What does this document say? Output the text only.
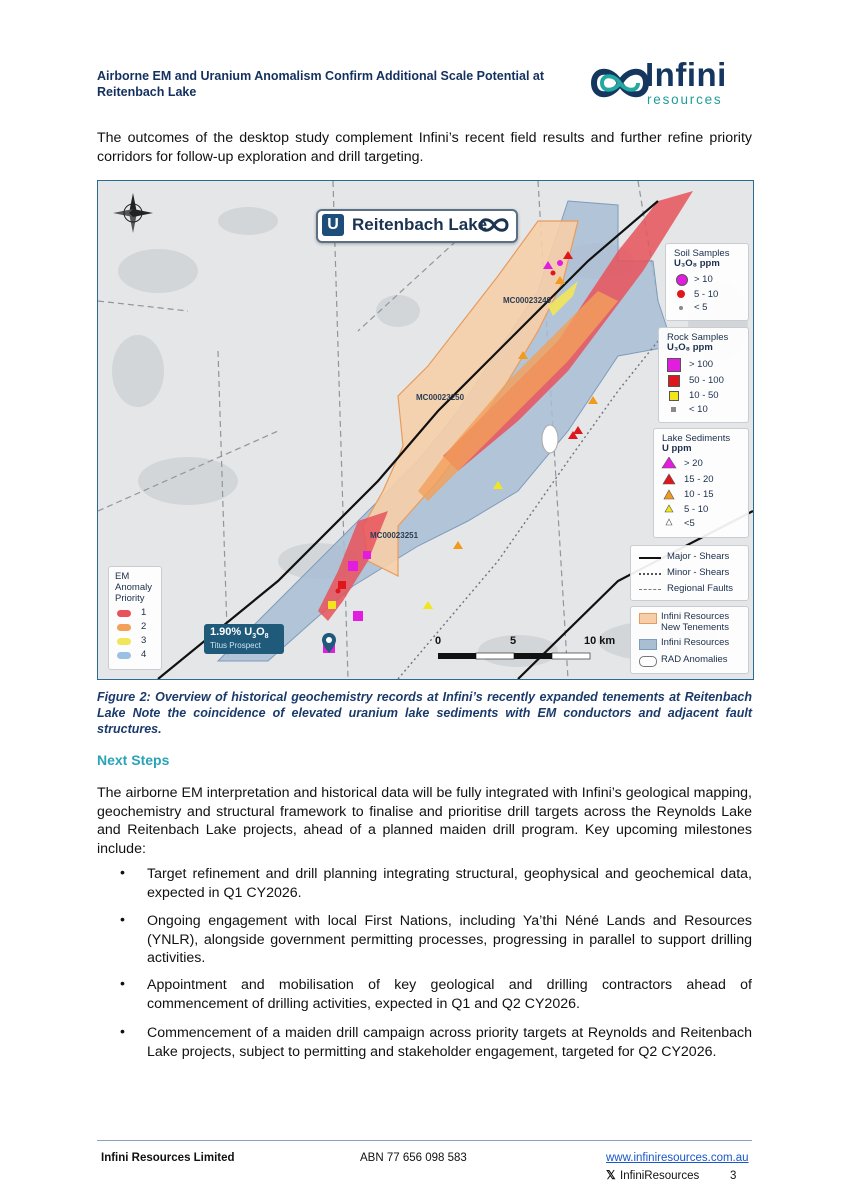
Airborne EM and Uranium Anomalism Confirm Additional Scale Potential at Reitenbach Lake	Infini
resources
The outcomes of the desktop study complement Infini’s recent field results and further refine priority corridors for follow-up exploration and drill targeting.
U Reitenbach Lake
MC00023249
MC00023250
MC00023251
1.90% $U_3O_8$
Titus Prospect	0	5	10 km
EM
Anomaly
Priority
1
2
3
4
Soil Samples
U₃O₈ ppm
> 10
5 - 10
< 5
Rock Samples
U₃O₈ ppm
> 100
50 - 100
10 - 50
< 10
Lake Sediments
U ppm
> 20
15 - 20
10 - 15
5 - 10
<5
Major - Shears
Minor - Shears
Regional Faults
Infini Resources
New Tenements
Infini Resources
RAD Anomalies
Figure 2: Overview of historical geochemistry records at Infini’s recently expanded tenements at Reitenbach Lake Note the coincidence of elevated uranium lake sediments with EM conductors and adjacent fault structures.
Next Steps
The airborne EM interpretation and historical data will be fully integrated with Infini’s geological mapping, geochemistry and structural framework to finalise and prioritise drill targets across the Reynolds Lake and Reitenbach Lake projects, ahead of a planned maiden drill program. Key upcoming milestones include:
• Target refinement and drill planning integrating structural, geophysical and geochemical data, expected in Q1 CY2026.
• Ongoing engagement with local First Nations, including Ya’thi Néné Lands and Resources (YNLR), alongside government permitting processes, progressing in parallel to support drilling activities.
• Appointment and mobilisation of key geological and drilling contractors ahead of commencement of drilling activities, expected in Q1 and Q2 CY2026.
• Commencement of a maiden drill campaign across priority targets at Reynolds and Reitenbach Lake projects, subject to permitting and stakeholder engagement, targeted for Q2 CY2026.
Infini Resources Limited	ABN 77 656 098 583	www.infiniresources.com.au
𝕏 InfiniResources	3
